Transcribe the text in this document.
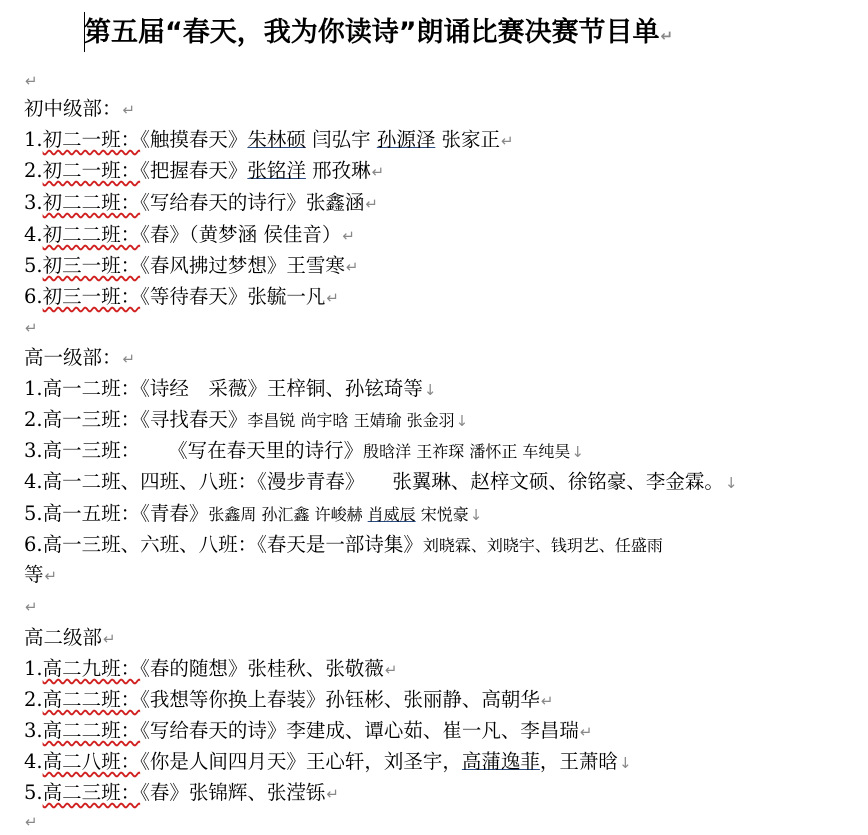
第五届“春天，我为你读诗”朗诵比赛决赛节目单↵
↵
初中级部：↵
1.初二一班：《触摸春天》朱林硕 闫弘宇 孙源泽 张家正↵
2.初二一班：《把握春天》张铭洋 邢孜琳↵
3.初二二班：《写给春天的诗行》张鑫涵↵
4.初二二班：《春》（黄梦涵 侯佳音）↵
5.初三一班：《春风拂过梦想》王雪寒↵
6.初三一班：《等待春天》张毓一凡↵
↵
高一级部：↵
1.高一二班：《诗经　采薇》王梓铜、孙铉琦等↓
2.高一三班：《寻找春天》李昌锐 尚宇晗 王婧瑜 张金羽↓
3.高一三班： 《写在春天里的诗行》殷晗洋 王祚琛 潘怀正 车纯昊↓
4.高一二班、四班、八班：《漫步青春》 张翼琳、赵梓文硕、徐铭豪、李金霖。↓
5.高一五班：《青春》张鑫周 孙汇鑫 许峻赫 肖威辰 宋悦豪↓
6.高一三班、六班、八班：《春天是一部诗集》刘晓霖、刘晓宇、钱玥艺、任盛雨
等↵
↵
高二级部↵
1.高二九班：《春的随想》张桂秋、张敬薇↵
2.高二二班：《我想等你换上春装》孙钰彬、张丽静、高朝华↵
3.高二二班：《写给春天的诗》李建成、谭心茹、崔一凡、李昌瑞↵
4.高二八班：《你是人间四月天》王心轩，刘圣宇，高蒲逸菲，王萧晗↓
5.高二三班：《春》张锦辉、张滢铄↵
↵
